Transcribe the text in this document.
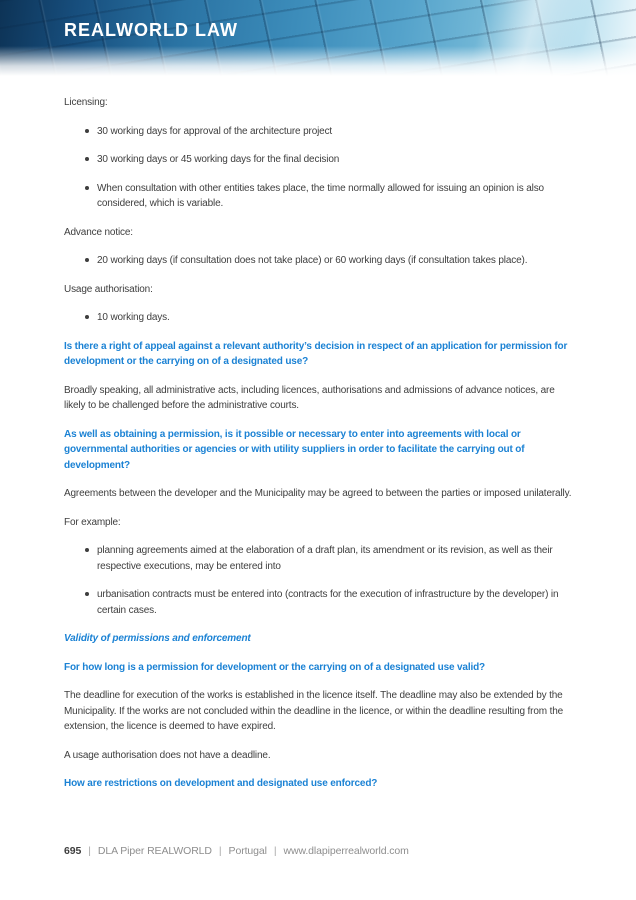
REALWORLD LAW
Licensing:
30 working days for approval of the architecture project
30 working days or 45 working days for the final decision
When consultation with other entities takes place, the time normally allowed for issuing an opinion is also considered, which is variable.
Advance notice:
20 working days (if consultation does not take place) or 60 working days (if consultation takes place).
Usage authorisation:
10 working days.
Is there a right of appeal against a relevant authority’s decision in respect of an application for permission for development or the carrying on of a designated use?
Broadly speaking, all administrative acts, including licences, authorisations and admissions of advance notices, are likely to be challenged before the administrative courts.
As well as obtaining a permission, is it possible or necessary to enter into agreements with local or governmental authorities or agencies or with utility suppliers in order to facilitate the carrying out of development?
Agreements between the developer and the Municipality may be agreed to between the parties or imposed unilaterally.
For example:
planning agreements aimed at the elaboration of a draft plan, its amendment or its revision, as well as their respective executions, may be entered into
urbanisation contracts must be entered into (contracts for the execution of infrastructure by the developer) in certain cases.
Validity of permissions and enforcement
For how long is a permission for development or the carrying on of a designated use valid?
The deadline for execution of the works is established in the licence itself. The deadline may also be extended by the Municipality. If the works are not concluded within the deadline in the licence, or within the deadline resulting from the extension, the licence is deemed to have expired.
A usage authorisation does not have a deadline.
How are restrictions on development and designated use enforced?
695 | DLA Piper REALWORLD | Portugal | www.dlapiperrealworld.com
